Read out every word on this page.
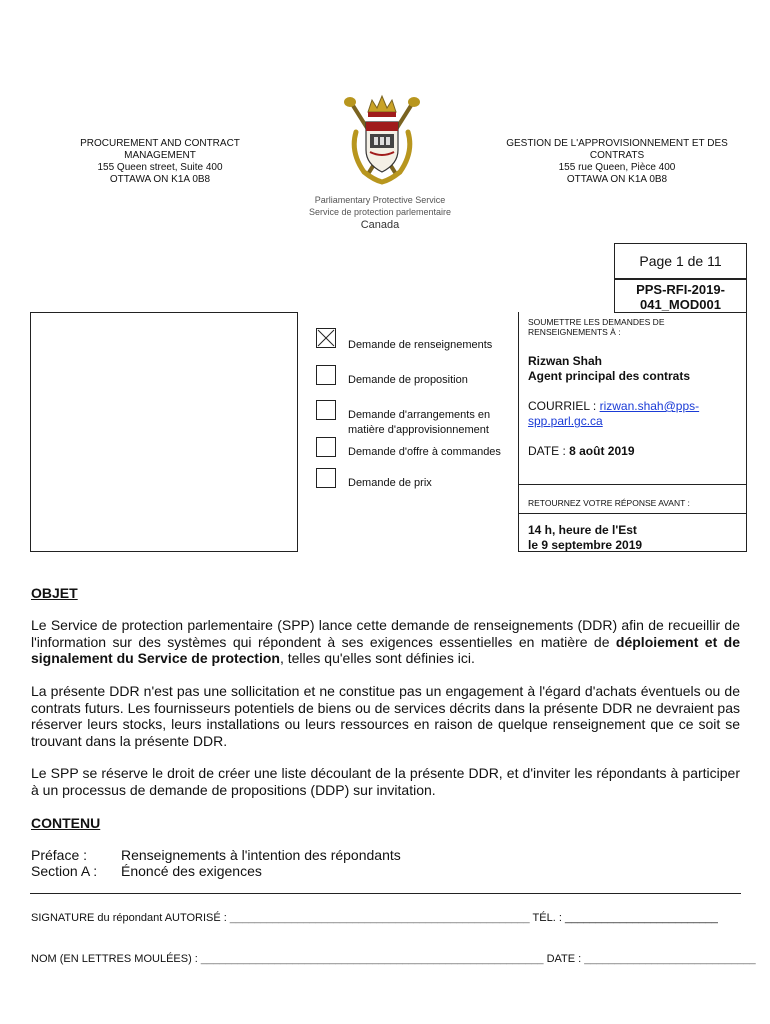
PROCUREMENT AND CONTRACT
MANAGEMENT
155 Queen street, Suite 400
OTTAWA ON K1A 0B8
GESTION DE L'APPROVISIONNEMENT ET DES
CONTRATS
155 rue Queen, Pièce 400
OTTAWA ON K1A 0B8
Parliamentary Protective Service
Service de protection parlementaire
Canada
Page 1 de 11
PPS-RFI-2019-
041_MOD001
Demande de renseignements
Demande de proposition
Demande d'arrangements en matière d'approvisionnement
Demande d'offre à commandes
Demande de prix
SOUMETTRE LES DEMANDES DE RENSEIGNEMENTS À :
Rizwan Shah
Agent principal des contrats
COURRIEL : rizwan.shah@pps-
spp.parl.gc.ca
DATE : 8 août 2019
RETOURNEZ VOTRE RÉPONSE AVANT :
14 h, heure de l'Est
le 9 septembre 2019
OBJET
Le Service de protection parlementaire (SPP) lance cette demande de renseignements (DDR) afin de recueillir de l'information sur des systèmes qui répondent à ses exigences essentielles en matière de déploiement et de signalement du Service de protection, telles qu'elles sont définies ici.
La présente DDR n'est pas une sollicitation et ne constitue pas un engagement à l'égard d'achats éventuels ou de contrats futurs. Les fournisseurs potentiels de biens ou de services décrits dans la présente DDR ne devraient pas réserver leurs stocks, leurs installations ou leurs ressources en raison de quelque renseignement que ce soit se trouvant dans la présente DDR.
Le SPP se réserve le droit de créer une liste découlant de la présente DDR, et d'inviter les répondants à participer à un processus de demande de propositions (DDP) sur invitation.
CONTENU
Préface : Renseignements à l'intention des répondants
Section A : Énoncé des exigences
SIGNATURE du répondant AUTORISÉ : _________________________________________________ TÉL. : _________________________
NOM (EN LETTRES MOULÉES) : ________________________________________________________ DATE : ____________________________
